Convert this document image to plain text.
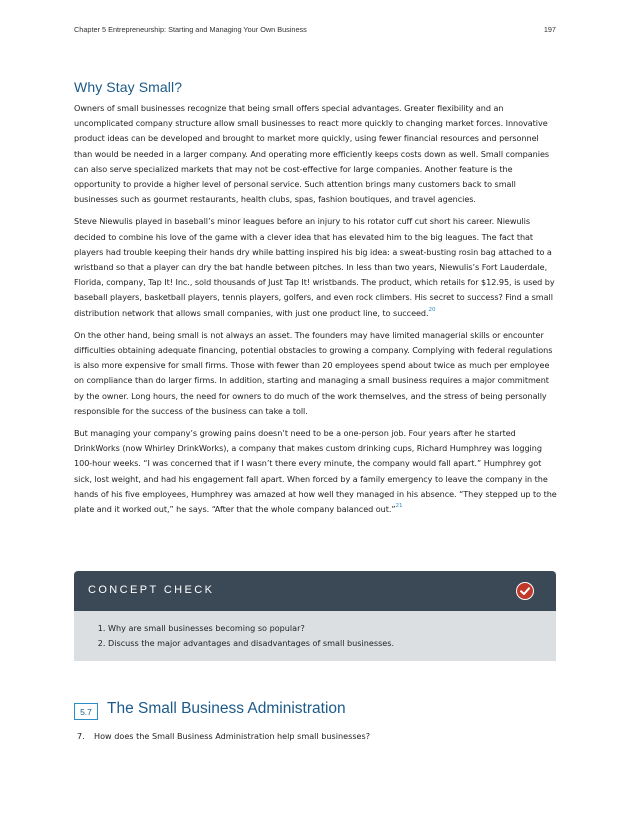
Chapter 5 Entrepreneurship: Starting and Managing Your Own Business	197
Why Stay Small?

Owners of small businesses recognize that being small offers special advantages. Greater flexibility and an uncomplicated company structure allow small businesses to react more quickly to changing market forces. Innovative product ideas can be developed and brought to market more quickly, using fewer financial resources and personnel than would be needed in a larger company. And operating more efficiently keeps costs down as well. Small companies can also serve specialized markets that may not be cost-effective for large companies. Another feature is the opportunity to provide a higher level of personal service. Such attention brings many customers back to small businesses such as gourmet restaurants, health clubs, spas, fashion boutiques, and travel agencies.

Steve Niewulis played in baseball’s minor leagues before an injury to his rotator cuff cut short his career. Niewulis decided to combine his love of the game with a clever idea that has elevated him to the big leagues. The fact that players had trouble keeping their hands dry while batting inspired his big idea: a sweat-busting rosin bag attached to a wristband so that a player can dry the bat handle between pitches. In less than two years, Niewulis’s Fort Lauderdale, Florida, company, Tap It! Inc., sold thousands of Just Tap It! wristbands. The product, which retails for $12.95, is used by baseball players, basketball players, tennis players, golfers, and even rock climbers. His secret to success? Find a small distribution network that allows small companies, with just one product line, to succeed.$^{20}$

On the other hand, being small is not always an asset. The founders may have limited managerial skills or encounter difficulties obtaining adequate financing, potential obstacles to growing a company. Complying with federal regulations is also more expensive for small firms. Those with fewer than 20 employees spend about twice as much per employee on compliance than do larger firms. In addition, starting and managing a small business requires a major commitment by the owner. Long hours, the need for owners to do much of the work themselves, and the stress of being personally responsible for the success of the business can take a toll.

But managing your company’s growing pains doesn’t need to be a one-person job. Four years after he started DrinkWorks (now Whirley DrinkWorks), a company that makes custom drinking cups, Richard Humphrey was logging 100-hour weeks. “I was concerned that if I wasn’t there every minute, the company would fall apart.” Humphrey got sick, lost weight, and had his engagement fall apart. When forced by a family emergency to leave the company in the hands of his five employees, Humphrey was amazed at how well they managed in his absence. “They stepped up to the plate and it worked out,” he says. “After that the whole company balanced out.”$^{21}$

CONCEPT CHECK
1. Why are small businesses becoming so popular?
2. Discuss the major advantages and disadvantages of small businesses.
5.7 The Small Business Administration
7. How does the Small Business Administration help small businesses?
